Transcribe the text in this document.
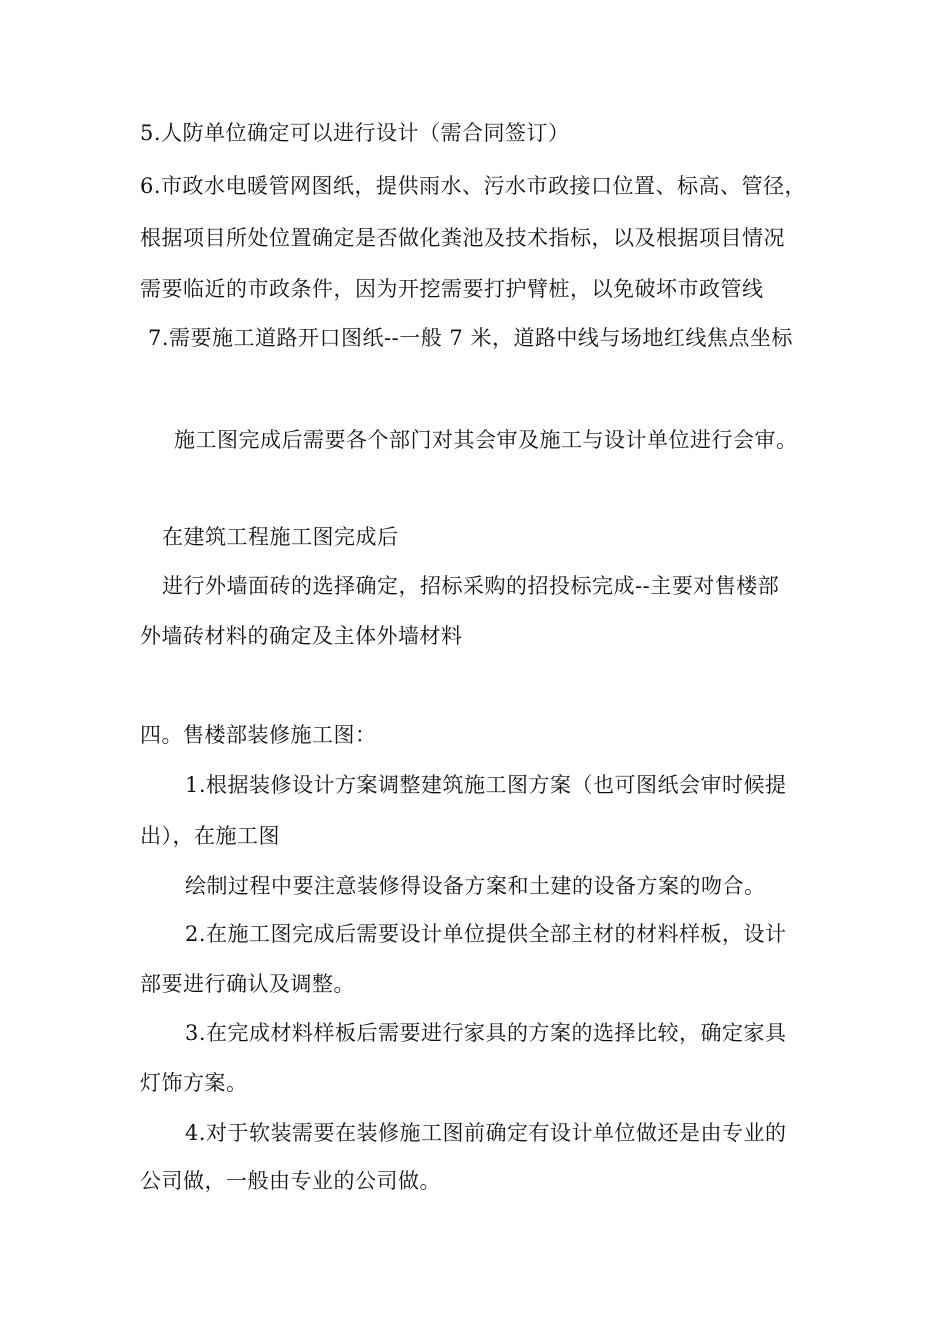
5.人防单位确定可以进行设计（需合同签订）
6.市政水电暖管网图纸，提供雨水、污水市政接口位置、标高、管径，
根据项目所处位置确定是否做化粪池及技术指标，以及根据项目情况
需要临近的市政条件，因为开挖需要打护臂桩，以免破坏市政管线
7.需要施工道路开口图纸--一般 7 米，道路中线与场地红线焦点坐标
施工图完成后需要各个部门对其会审及施工与设计单位进行会审。
在建筑工程施工图完成后
进行外墙面砖的选择确定，招标采购的招投标完成--主要对售楼部
外墙砖材料的确定及主体外墙材料
四。售楼部装修施工图：
1.根据装修设计方案调整建筑施工图方案（也可图纸会审时候提
出），在施工图
绘制过程中要注意装修得设备方案和土建的设备方案的吻合。
2.在施工图完成后需要设计单位提供全部主材的材料样板，设计
部要进行确认及调整。
3.在完成材料样板后需要进行家具的方案的选择比较，确定家具
灯饰方案。
4.对于软装需要在装修施工图前确定有设计单位做还是由专业的
公司做，一般由专业的公司做。
